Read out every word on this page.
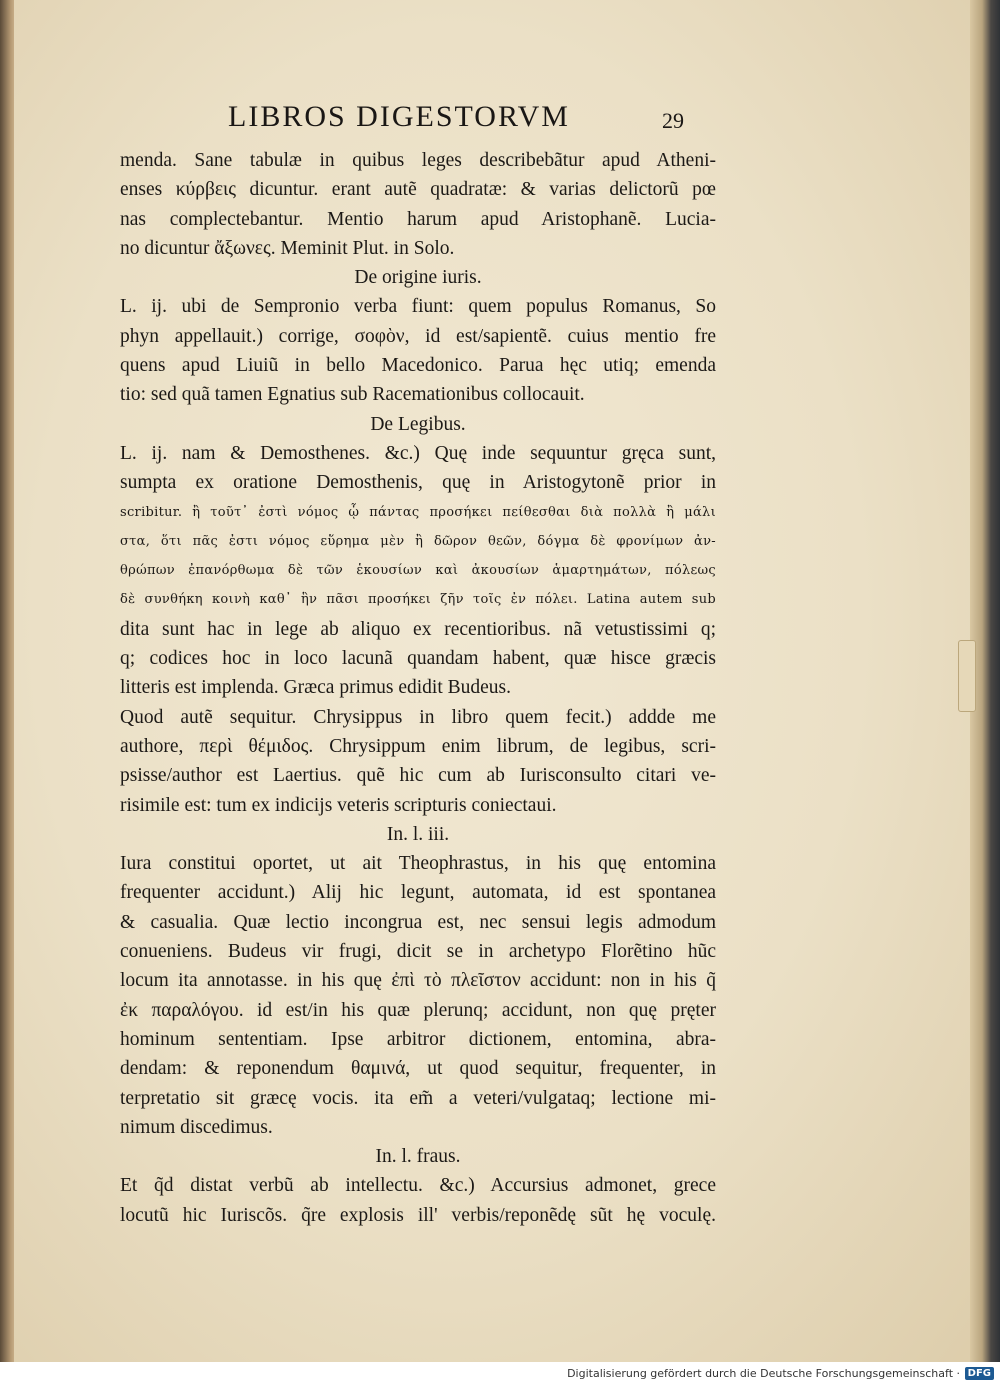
LIBROS DIGESTORVM	29
menda. Sane tabulæ in quibus leges describebãtur apud Atheni-
enses κύρβεις dicuntur. erant autẽ quadratæ: & varias delictorũ pœ
nas complectebantur. Mentio harum apud Aristophanẽ. Lucia-
no dicuntur ἄξωνες. Meminit Plut. in Solo.
De origine iuris.
L. ij. ubi de Sempronio verba fiunt: quem populus Romanus, So
phyn appellauit.) corrige, σοφὸν, id est/sapientẽ. cuius mentio fre
quens apud Liuiũ in bello Macedonico. Parua hęc utiq; emenda
tio: sed quã tamen Egnatius sub Racemationibus collocauit.
De Legibus.
L. ij. nam & Demosthenes. &c.) Quę inde sequuntur gręca sunt,
sumpta ex oratione Demosthenis, quę in Aristogytonẽ prior in
scribitur. ἢ τοῦτ᾽ ἐστὶ νόμος ᾧ πάντας προσήκει πείθεσθαι διὰ πολλὰ ἢ μάλι
στα, ὅτι πᾶς ἐστι νόμος εὕρημα μὲν ἢ δῶρον θεῶν, δόγμα δὲ φρονίμων ἀν-
θρώπων ἐπανόρθωμα δὲ τῶν ἑκουσίων καὶ ἀκουσίων ἁμαρτημάτων, πόλεως
δὲ συνθήκη κοινὴ καθ᾽ ἣν πᾶσι προσήκει ζῆν τοῖς ἐν πόλει. Latina autem sub
dita sunt hac in lege ab aliquo ex recentioribus. nã vetustissimi q;
q; codices hoc in loco lacunã quandam habent, quæ hisce græcis
litteris est implenda. Græca primus edidit Budeus.
Quod autẽ sequitur. Chrysippus in libro quem fecit.) addde me
authore, περὶ θέμιδος. Chrysippum enim librum, de legibus, scri-
psisse/author est Laertius. quẽ hic cum ab Iurisconsulto citari ve-
risimile est: tum ex indicijs veteris scripturis coniectaui.
In. l. iii.
Iura constitui oportet, ut ait Theophrastus, in his quę entomina
frequenter accidunt.) Alij hic legunt, automata, id est spontanea
& casualia. Quæ lectio incongrua est, nec sensui legis admodum
conueniens. Budeus vir frugi, dicit se in archetypo Florẽtino hũc
locum ita annotasse. in his quę ἐπὶ τὸ πλεῖστον accidunt: non in his q̃
ἐκ παραλόγου. id est/in his quæ plerunq; accidunt, non quę pręter
hominum sententiam. Ipse arbitror dictionem, entomina, abra-
dendam: & reponendum θαμινά, ut quod sequitur, frequenter, in
terpretatio sit græcę vocis. ita em̃ a veteri/vulgataq; lectione mi-
nimum discedimus.
In. l. fraus.
Et q̃d distat verbũ ab intellectu. &c.) Accursius admonet, grece
locutũ hic Iuriscõs. q̃re explosis ill' verbis/reponẽdę sũt hę voculę.
Digitalisierung gefördert durch die Deutsche Forschungsgemeinschaft · DFG
